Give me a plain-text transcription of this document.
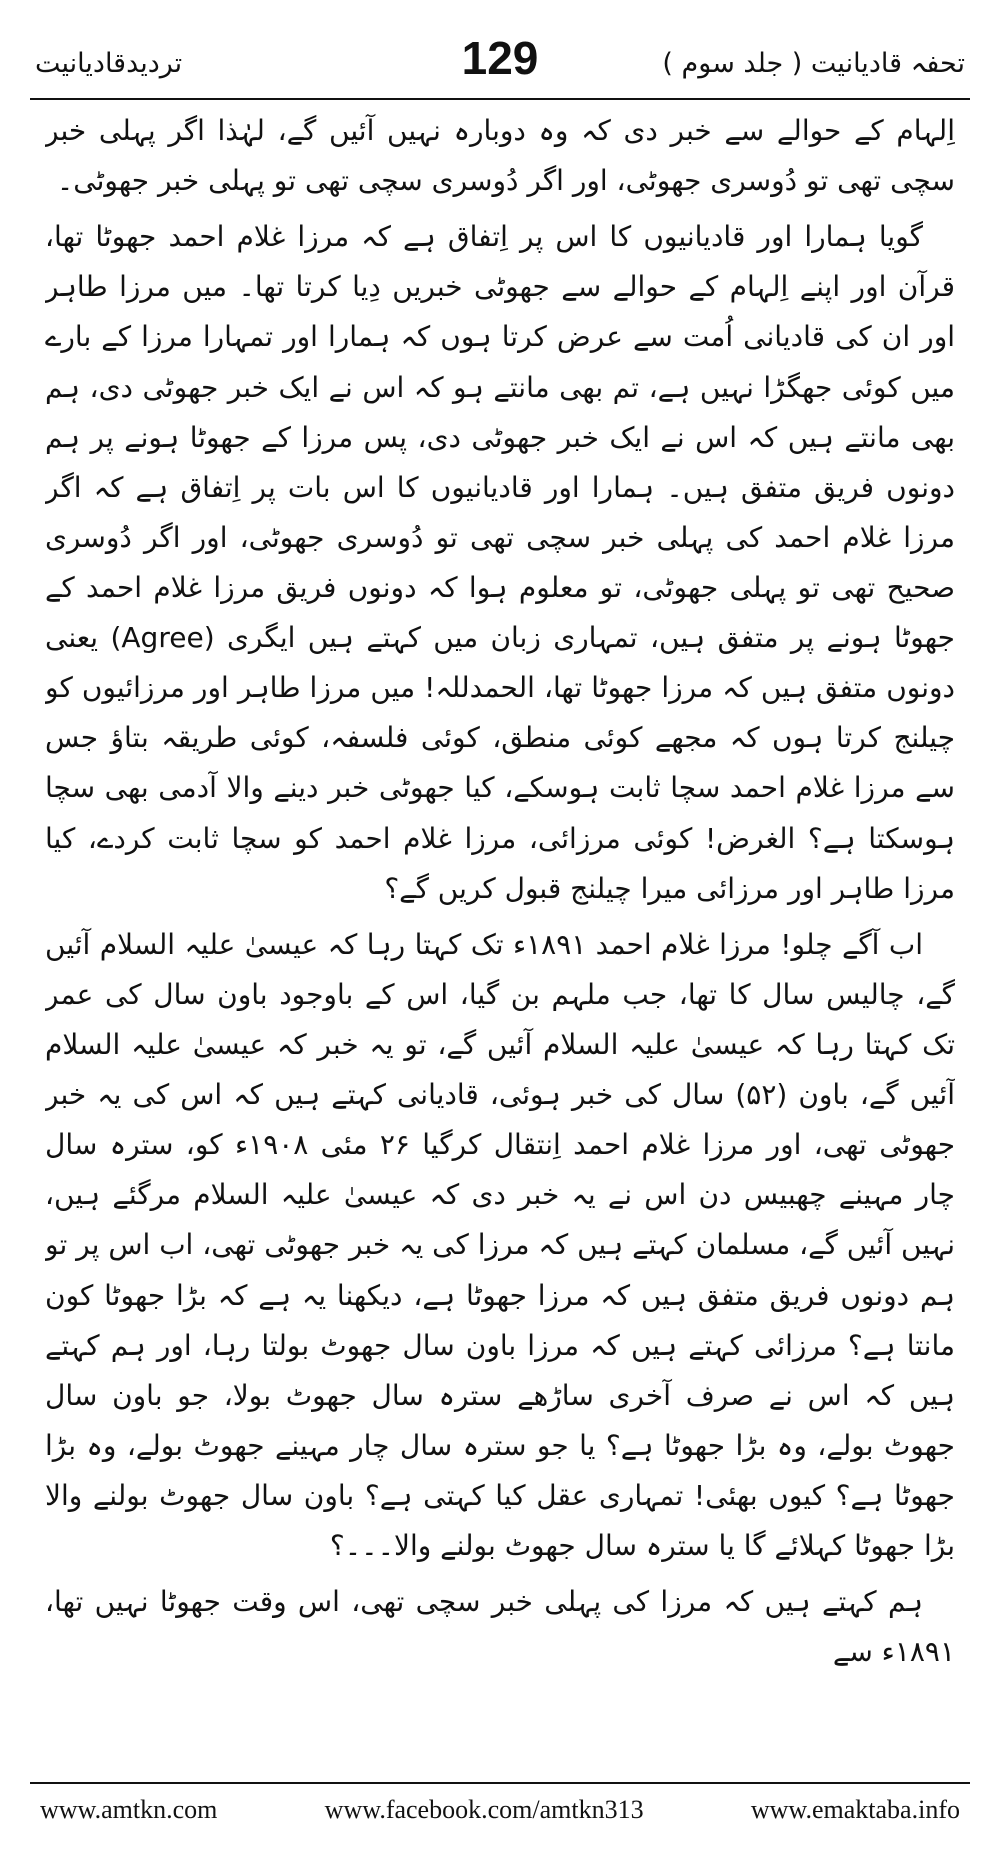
تحفہ قادیانیت ( جلد سوم )
129
تردیدقادیانیت

اِلہام کے حوالے سے خبر دی کہ وہ دوبارہ نہیں آئیں گے، لہٰذا اگر پہلی خبر سچی تھی تو دُوسری جھوٹی، اور اگر دُوسری سچی تھی تو پہلی خبر جھوٹی۔

گویا ہمارا اور قادیانیوں کا اس پر اِتفاق ہے کہ مرزا غلام احمد جھوٹا تھا، قرآن اور اپنے اِلہام کے حوالے سے جھوٹی خبریں دِیا کرتا تھا۔ میں مرزا طاہر اور ان کی قادیانی اُمت سے عرض کرتا ہوں کہ ہمارا اور تمہارا مرزا کے بارے میں کوئی جھگڑا نہیں ہے، تم بھی مانتے ہو کہ اس نے ایک خبر جھوٹی دی، ہم بھی مانتے ہیں کہ اس نے ایک خبر جھوٹی دی، پس مرزا کے جھوٹا ہونے پر ہم دونوں فریق متفق ہیں۔ ہمارا اور قادیانیوں کا اس بات پر اِتفاق ہے کہ اگر مرزا غلام احمد کی پہلی خبر سچی تھی تو دُوسری جھوٹی، اور اگر دُوسری صحیح تھی تو پہلی جھوٹی، تو معلوم ہوا کہ دونوں فریق مرزا غلام احمد کے جھوٹا ہونے پر متفق ہیں، تمہاری زبان میں کہتے ہیں ایگری (Agree) یعنی دونوں متفق ہیں کہ مرزا جھوٹا تھا، الحمدللہ! میں مرزا طاہر اور مرزائیوں کو چیلنج کرتا ہوں کہ مجھے کوئی منطق، کوئی فلسفہ، کوئی طریقہ بتاؤ جس سے مرزا غلام احمد سچا ثابت ہوسکے، کیا جھوٹی خبر دینے والا آدمی بھی سچا ہوسکتا ہے؟ الغرض! کوئی مرزائی، مرزا غلام احمد کو سچا ثابت کردے، کیا مرزا طاہر اور مرزائی میرا چیلنج قبول کریں گے؟

اب آگے چلو! مرزا غلام احمد ۱۸۹۱ء تک کہتا رہا کہ عیسیٰ علیہ السلام آئیں گے، چالیس سال کا تھا، جب ملہم بن گیا، اس کے باوجود باون سال کی عمر تک کہتا رہا کہ عیسیٰ علیہ السلام آئیں گے، تو یہ خبر کہ عیسیٰ علیہ السلام آئیں گے، باون (۵۲) سال کی خبر ہوئی، قادیانی کہتے ہیں کہ اس کی یہ خبر جھوٹی تھی، اور مرزا غلام احمد اِنتقال کرگیا ۲۶ مئی ۱۹۰۸ء کو، سترہ سال چار مہینے چھبیس دن اس نے یہ خبر دی کہ عیسیٰ علیہ السلام مرگئے ہیں، نہیں آئیں گے، مسلمان کہتے ہیں کہ مرزا کی یہ خبر جھوٹی تھی، اب اس پر تو ہم دونوں فریق متفق ہیں کہ مرزا جھوٹا ہے، دیکھنا یہ ہے کہ بڑا جھوٹا کون مانتا ہے؟ مرزائی کہتے ہیں کہ مرزا باون سال جھوٹ بولتا رہا، اور ہم کہتے ہیں کہ اس نے صرف آخری ساڑھے سترہ سال جھوٹ بولا، جو باون سال جھوٹ بولے، وہ بڑا جھوٹا ہے؟ یا جو سترہ سال چار مہینے جھوٹ بولے، وہ بڑا جھوٹا ہے؟ کیوں بھئی! تمہاری عقل کیا کہتی ہے؟ باون سال جھوٹ بولنے والا بڑا جھوٹا کہلائے گا یا سترہ سال جھوٹ بولنے والا۔۔۔؟

ہم کہتے ہیں کہ مرزا کی پہلی خبر سچی تھی، اس وقت جھوٹا نہیں تھا، ۱۸۹۱ء سے

www.amtkn.com	www.facebook.com/amtkn313	www.emaktaba.info
